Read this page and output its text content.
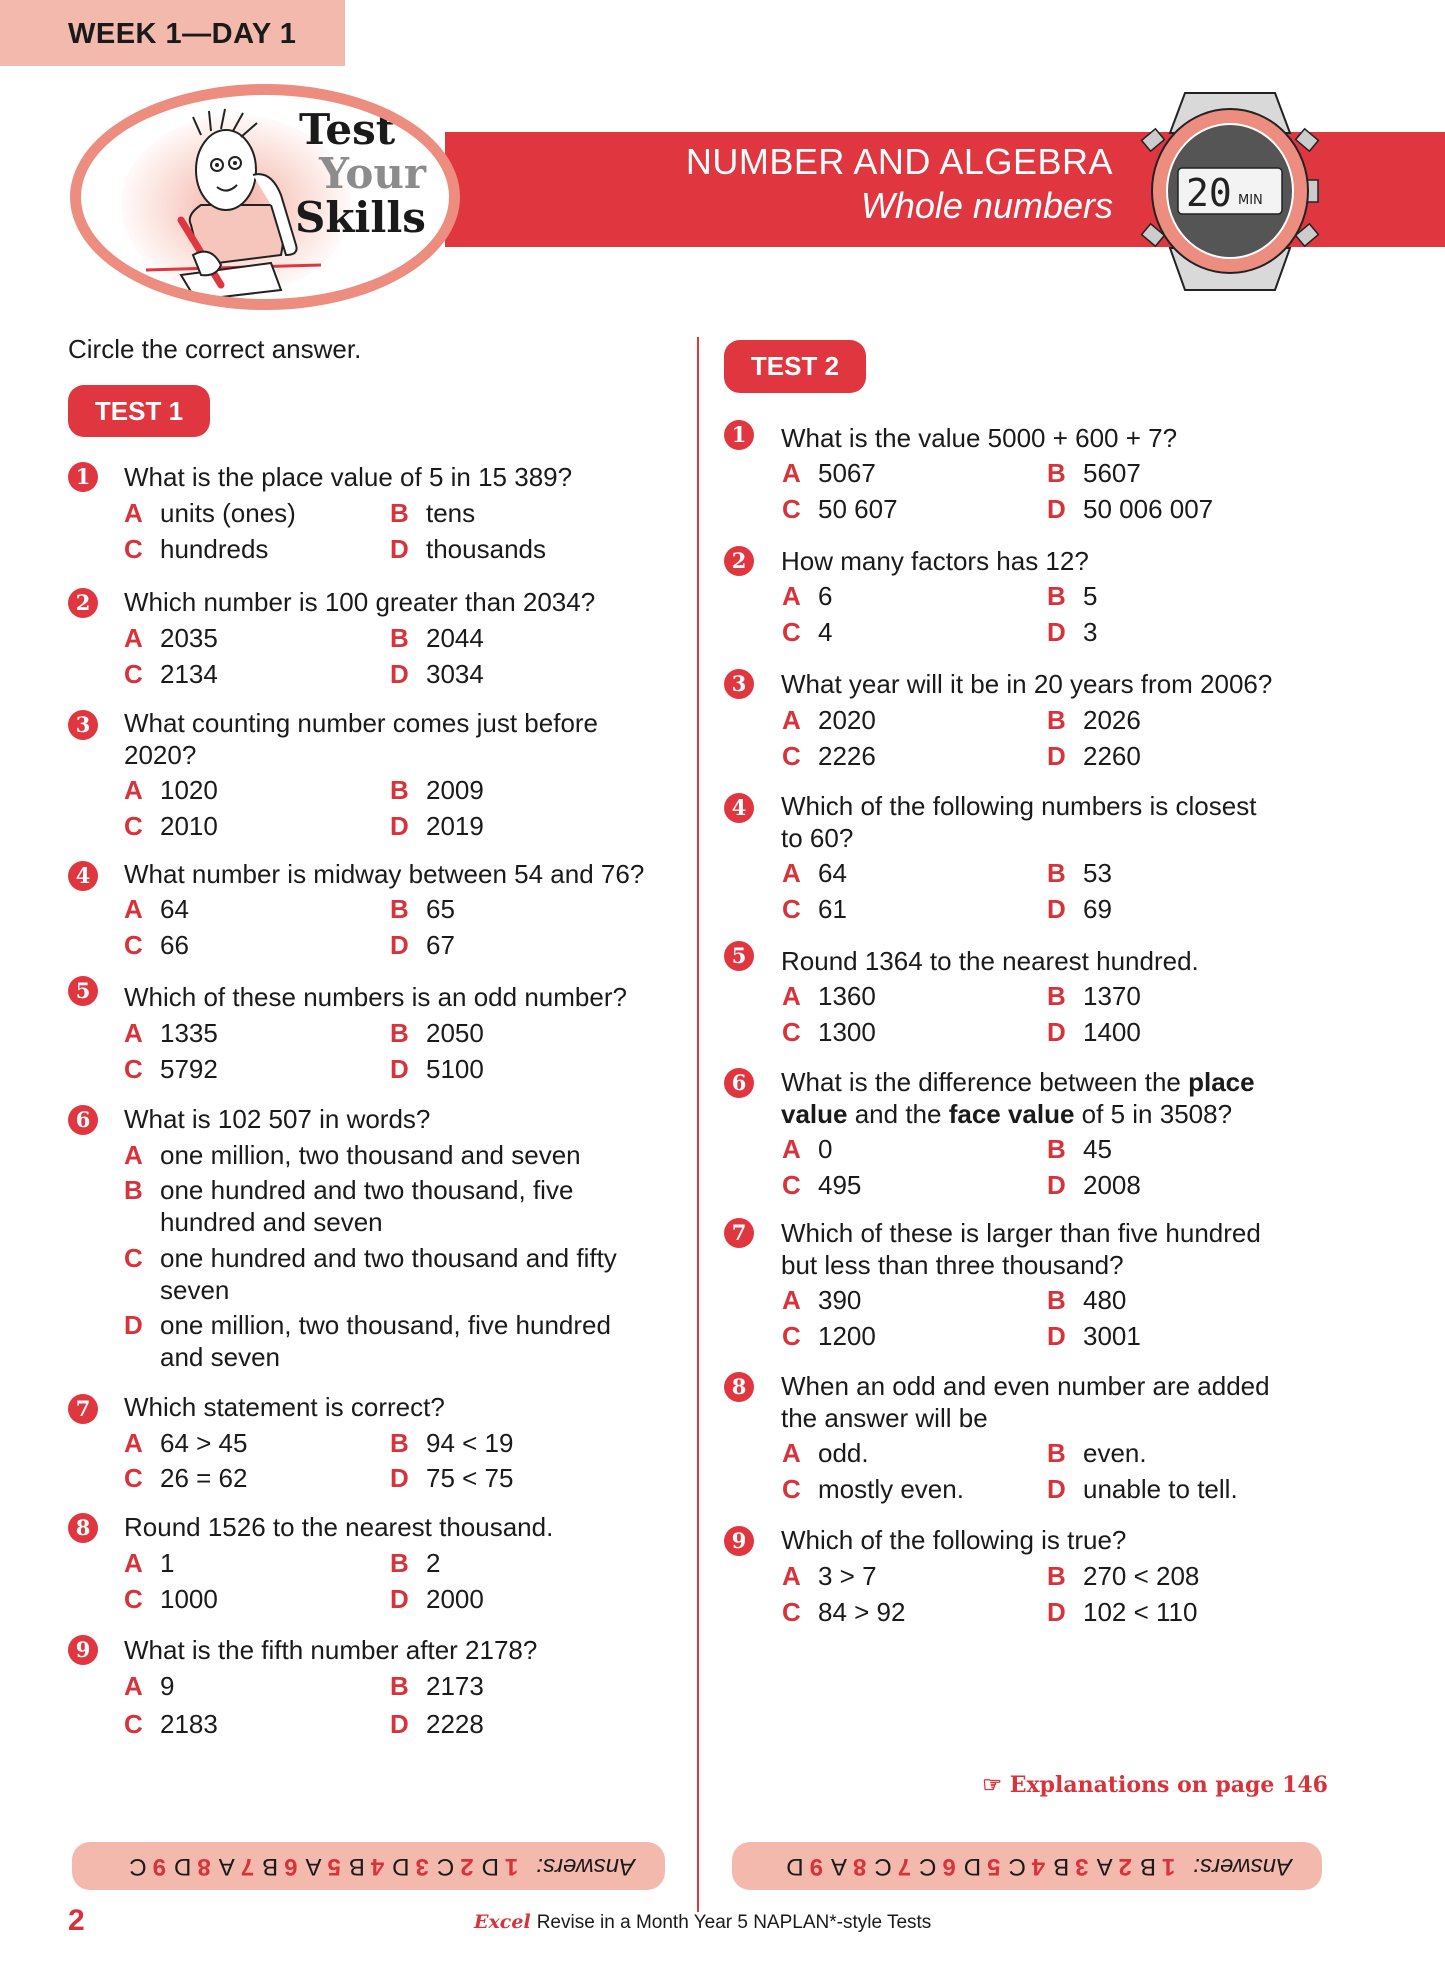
WEEK 1—DAY 1
Test
Your
Skills
NUMBER AND ALGEBRA
Whole numbers 20 MIN
Circle the correct answer.
TEST 1
1 What is the place value of 5 in 15 389?
A units (ones)	B tens
C hundreds	D thousands
2 Which number is 100 greater than 2034?
A 2035	B 2044
C 2134	D 3034
3 What counting number comes just before
2020?
A 1020	B 2009
C 2010	D 2019
4 What number is midway between 54 and 76?
A 64	B 65
C 66	D 67
5 Which of these numbers is an odd number?
A 1335	B 2050
C 5792	D 5100
6 What is 102 507 in words?
A one million, two thousand and seven
B one hundred and two thousand, five
hundred and seven
C one hundred and two thousand and fifty
seven
D one million, two thousand, five hundred
and seven
7 Which statement is correct?
A 64 > 45	B 94 < 19
C 26 = 62	D 75 < 75
8 Round 1526 to the nearest thousand.
A 1	B 2
C 1000	D 2000
9 What is the fifth number after 2178?
A 9	B 2173
C 2183	D 2228
TEST 2
1 What is the value 5000 + 600 + 7?
A 5067	B 5607
C 50 607	D 50 006 007
2 How many factors has 12?
A 6	B 5
C 4	D 3
3 What year will it be in 20 years from 2006?
A 2020	B 2026
C 2226	D 2260
4 Which of the following numbers is closest
to 60?
A 64	B 53
C 61	D 69
5 Round 1364 to the nearest hundred.
A 1360	B 1370
C 1300	D 1400
6 What is the difference between the place
value and the face value of 5 in 3508?
A 0	B 45
C 495	D 2008
7 Which of these is larger than five hundred
but less than three thousand?
A 390	B 480
C 1200	D 3001
8 When an odd and even number are added
the answer will be
A odd.	B even.
C mostly even.	D unable to tell.
9 Which of the following is true?
A 3 > 7	B 270 < 208
C 84 > 92	D 102 < 110
☞ Explanations on page 146
Answers:
1
D
2
C
3
D
4
B
5
A
6
B
7
A
8
D
9
C	Answers:
1
B
2
A
3
B
4
C
5
D
6
C
7
C
8
A
9
D
2	Excel Revise in a Month Year 5 NAPLAN*-style Tests
